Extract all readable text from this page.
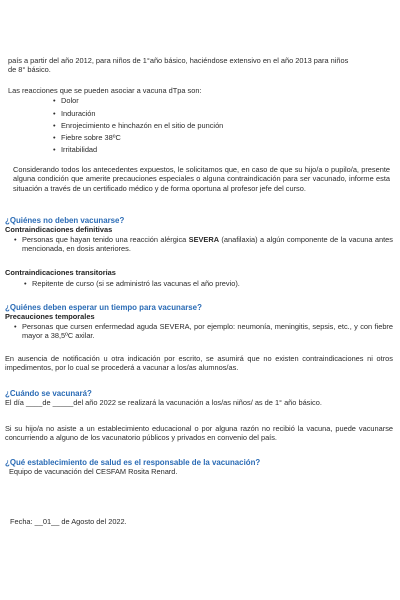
país a partir del año 2012, para niños de 1°año básico, haciéndose extensivo en el año 2013 para niños

de 8° básico.

Las reacciones que se pueden asociar a vacuna dTpa son:

• Dolor
• Induración
• Enrojecimiento e hinchazón en el sitio de punción
• Fiebre sobre 38ºC
• Irritabilidad
Considerando todos los antecedentes expuestos, le solicitamos que, en caso de que su hijo/a o pupilo/a, presente alguna condición que amerite precauciones especiales o alguna contraindicación para ser vacunado, informe esta situación a través de un certificado médico y de forma oportuna al profesor jefe del curso.

¿Quiénes no deben vacunarse?

Contraindicaciones definitivas

• Personas que hayan tenido una reacción alérgica SEVERA (anafilaxia) a algún componente de la vacuna antes mencionada, en dosis anteriores.

Contraindicaciones transitorias

• Repitente de curso (si se administró las vacunas el año previo).

¿Quiénes deben esperar un tiempo para vacunarse?

Precauciones temporales

• Personas que cursen enfermedad aguda SEVERA, por ejemplo: neumonía, meningitis, sepsis, etc., y con fiebre mayor a 38,5ºC axilar.
En ausencia de notificación u otra indicación por escrito, se asumirá que no existen contraindicaciones ni otros impedimentos, por lo cual se procederá a vacunar a los/as alumnos/as.

¿Cuándo se vacunará?

El día ____de _____del año 2022 se realizará la vacunación a los/as niños/ as de 1° año básico.

Si su hijo/a no asiste a un establecimiento educacional o por alguna razón no recibió la vacuna, puede vacunarse concurriendo a alguno de los vacunatorio públicos y privados en convenio del país.

¿Qué establecimiento de salud es el responsable de la vacunación?

Equipo de vacunación del CESFAM Rosita Renard.

Fecha: __01__ de Agosto del 2022.
